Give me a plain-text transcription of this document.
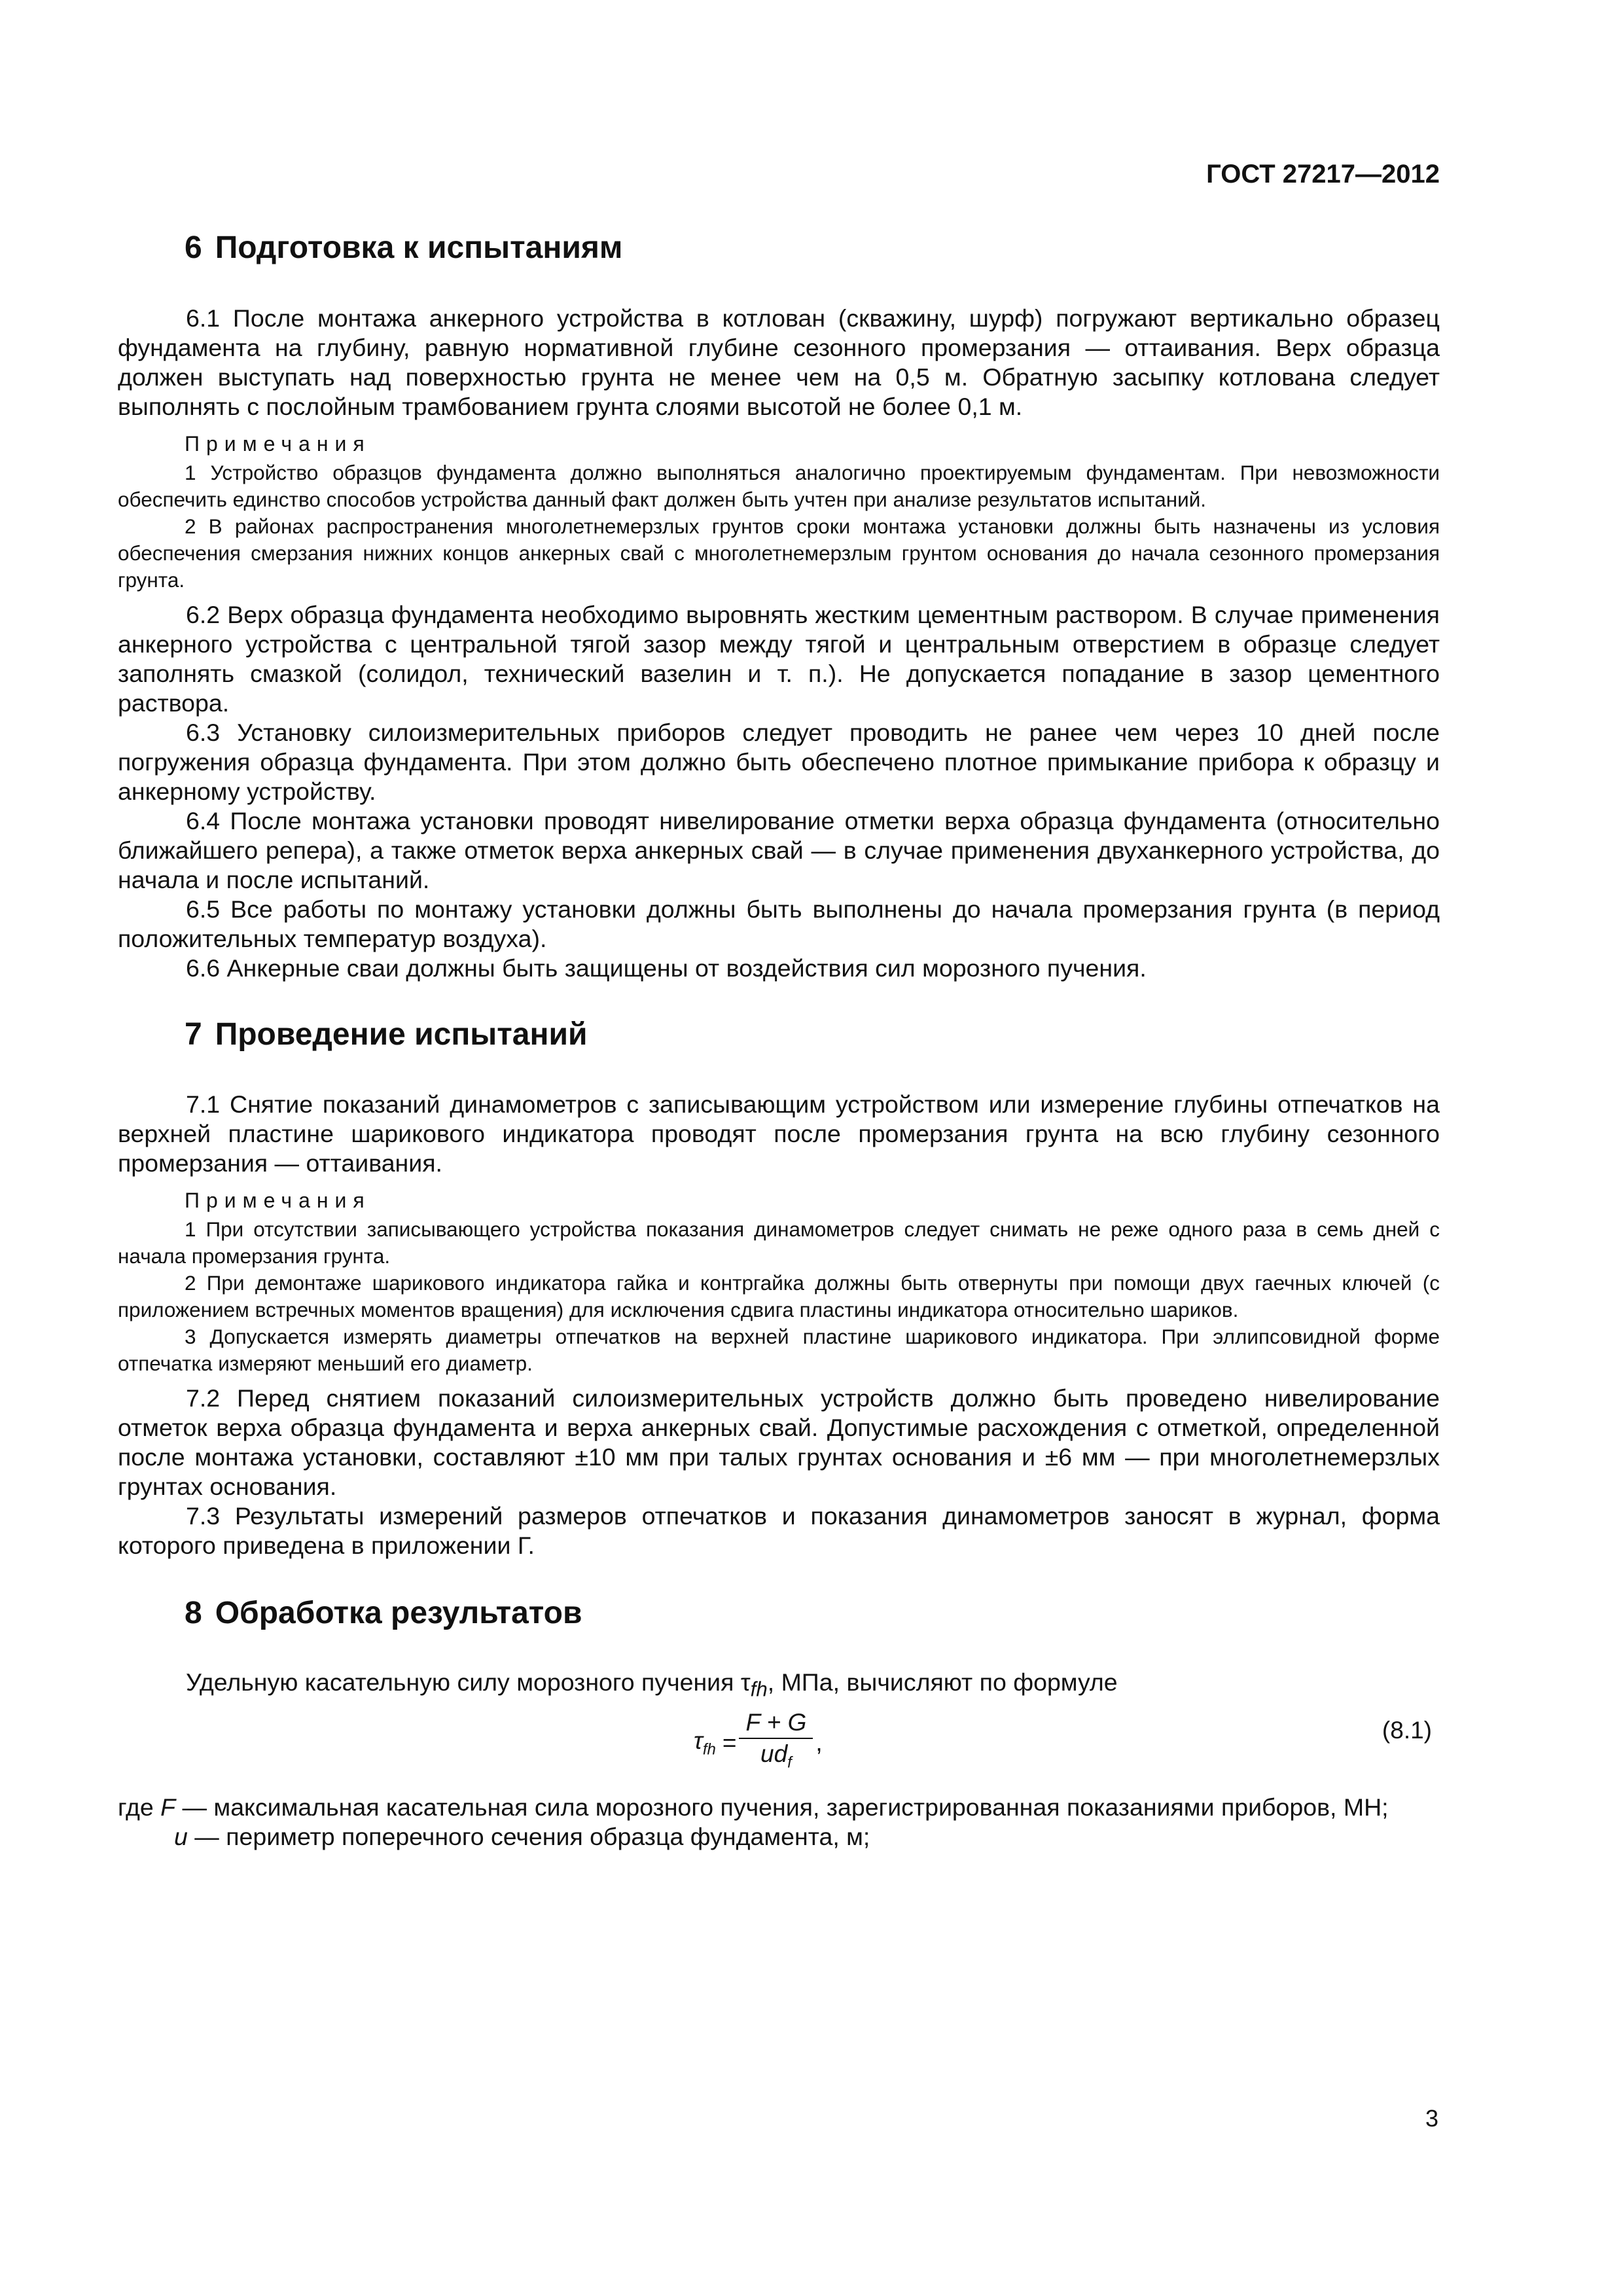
ГОСТ 27217—2012
6 Подготовка к испытаниям

6.1 После монтажа анкерного устройства в котлован (скважину, шурф) погружают вертикально образец фундамента на глубину, равную нормативной глубине сезонного промерзания — оттаивания. Верх образца должен выступать над поверхностью грунта не менее чем на 0,5 м. Обратную засыпку котлована следует выполнять с послойным трамбованием грунта слоями высотой не более 0,1 м.

Примечания

1 Устройство образцов фундамента должно выполняться аналогично проектируемым фундаментам. При невозможности обеспечить единство способов устройства данный факт должен быть учтен при анализе результатов испытаний.

2 В районах распространения многолетнемерзлых грунтов сроки монтажа установки должны быть назначены из условия обеспечения смерзания нижних концов анкерных свай с многолетнемерзлым грунтом основания до начала сезонного промерзания грунта.

6.2 Верх образца фундамента необходимо выровнять жестким цементным раствором. В случае применения анкерного устройства с центральной тягой зазор между тягой и центральным отверстием в образце следует заполнять смазкой (солидол, технический вазелин и т. п.). Не допускается попадание в зазор цементного раствора.

6.3 Установку силоизмерительных приборов следует проводить не ранее чем через 10 дней после погружения образца фундамента. При этом должно быть обеспечено плотное примыкание прибора к образцу и анкерному устройству.

6.4 После монтажа установки проводят нивелирование отметки верха образца фундамента (относительно ближайшего репера), а также отметок верха анкерных свай — в случае применения двуханкерного устройства, до начала и после испытаний.

6.5 Все работы по монтажу установки должны быть выполнены до начала промерзания грунта (в период положительных температур воздуха).

6.6 Анкерные сваи должны быть защищены от воздействия сил морозного пучения.

7 Проведение испытаний

7.1 Снятие показаний динамометров с записывающим устройством или измерение глубины отпечатков на верхней пластине шарикового индикатора проводят после промерзания грунта на всю глубину сезонного промерзания — оттаивания.

Примечания

1 При отсутствии записывающего устройства показания динамометров следует снимать не реже одного раза в семь дней с начала промерзания грунта.

2 При демонтаже шарикового индикатора гайка и контргайка должны быть отвернуты при помощи двух гаечных ключей (с приложением встречных моментов вращения) для исключения сдвига пластины индикатора относительно шариков.

3 Допускается измерять диаметры отпечатков на верхней пластине шарикового индикатора. При эллипсовидной форме отпечатка измеряют меньший его диаметр.

7.2 Перед снятием показаний силоизмерительных устройств должно быть проведено нивелирование отметок верха образца фундамента и верха анкерных свай. Допустимые расхождения с отметкой, определенной после монтажа установки, составляют ±10 мм при талых грунтах основания и ±6 мм — при многолетнемерзлых грунтах основания.

7.3 Результаты измерений размеров отпечатков и показания динамометров заносят в журнал, форма которого приведена в приложении Г.

8 Обработка результатов

Удельную касательную силу морозного пучения $\tau_{fh}$, МПа, вычисляют по формуле

$\tau_{fh} = \frac{F + G}{ud_f}$ ,	(8.1)
где F — максимальная касательная сила морозного пучения, зарегистрированная показаниями приборов, МН;
u — периметр поперечного сечения образца фундамента, м;
3
